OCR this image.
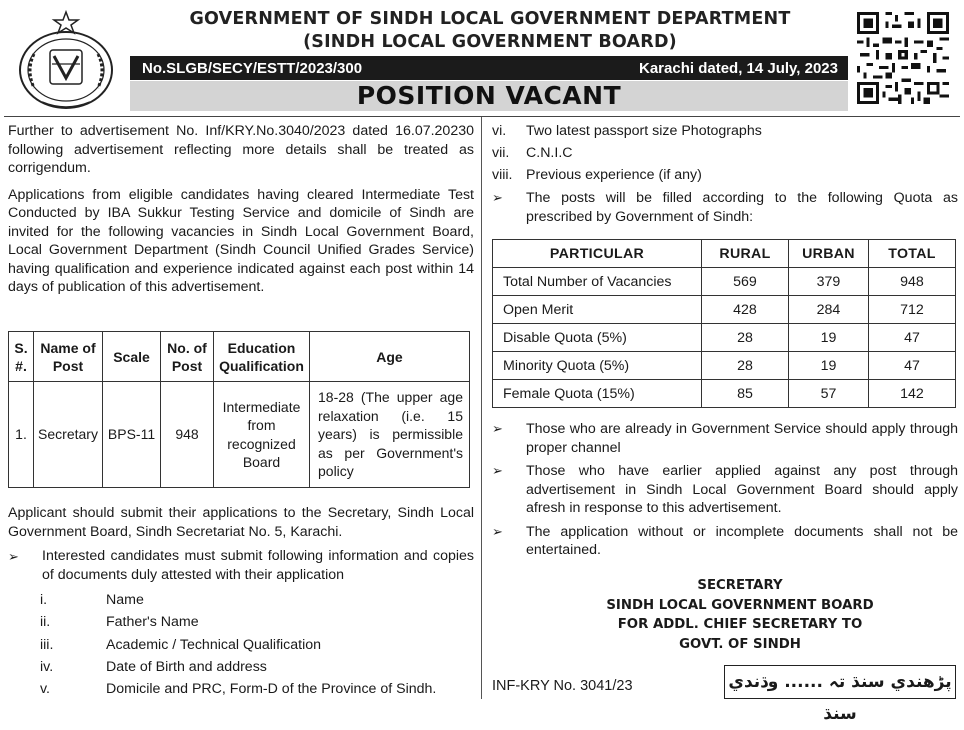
GOVERNMENT OF SINDH LOCAL GOVERNMENT DEPARTMENT
(SINDH LOCAL GOVERNMENT BOARD)
No.SLGB/SECY/ESTT/2023/300	Karachi dated, 14 July, 2023
POSITION VACANT

Further to advertisement No. Inf/KRY.No.3040/2023 dated 16.07.20230 following advertisement reflecting more details shall be treated as corrigendum.

Applications from eligible candidates having cleared Intermediate Test Conducted by IBA Sukkur Testing Service and domicile of Sindh are invited for the following vacancies in Sindh Local Government Board, Local Government Department (Sindh Council Unified Grades Service) having qualification and experience indicated against each post within 14 days of publication of this advertisement.

S. #.	Name of Post	Scale	No. of Post	Education Qualification	Age
1.	Secretary	BPS-11	948	Intermediate from recognized Board	18-28 (The upper age relaxation (i.e. 15 years) is permissible as per Government's policy

Applicant should submit their applications to the Secretary, Sindh Local Government Board, Sindh Secretariat No. 5, Karachi.

➢	Interested candidates must submit following information and copies of documents duly attested with their application
i.	Name
ii.	Father's Name
iii.	Academic / Technical Qualification
iv.	Date of Birth and address
v.	Domicile and PRC, Form-D of the Province of Sindh.
vi.	Two latest passport size Photographs
vii.	C.N.I.C
viii. Previous experience (if any)
➢	The posts will be filled according to the following Quota as prescribed by Government of Sindh:
PARTICULAR	RURAL	URBAN	TOTAL
Total Number of Vacancies	569	379	948
Open Merit	428	284	712
Disable Quota (5%)	28	19	47
Minority Quota (5%)	28	19	47
Female Quota (15%)	85	57	142
➢	Those who are already in Government Service should apply through proper channel
➢	Those who have earlier applied against any post through advertisement in Sindh Local Government Board should apply afresh in response to this advertisement.
➢	The application without or incomplete documents shall not be entertained.
SECRETARY
SINDH LOCAL GOVERNMENT BOARD
FOR ADDL. CHIEF SECRETARY TO
GOVT. OF SINDH
INF-KRY No. 3041/23	پڑھندي سنڌ تہ ...... وڌندي سنڌ
